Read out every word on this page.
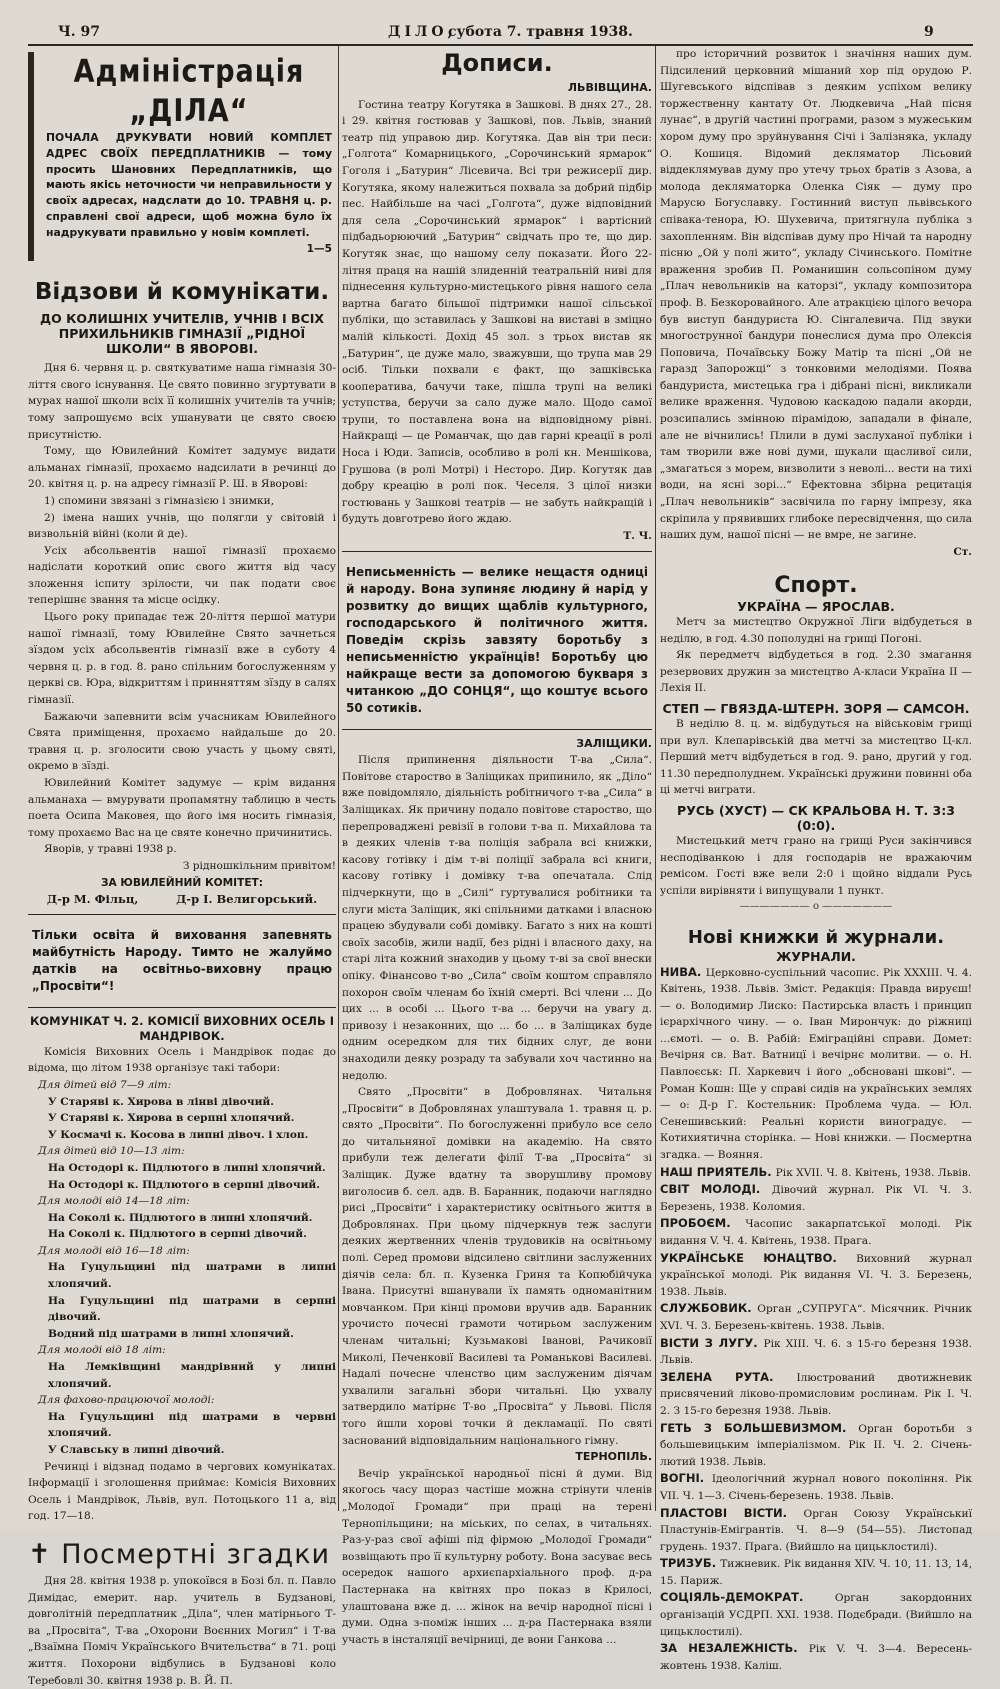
Ч. 97	ДІЛО,
субота 7. травня 1938.	9
Адміністрація „ДІЛА“

ПОЧАЛА ДРУКУВАТИ НОВИЙ КОМПЛЕТ АДРЕС СВОЇХ ПЕРЕДПЛАТНИКІВ — тому просить Шановних Передплатників, що мають якісь неточности чи неправильности у своїх адресах, надслати до 10. ТРАВНЯ ц. р. справлені свої адреси, щоб можна було їх надрукувати правильно у новім комплеті.

1—5

Відзови й комунікати.
ДО КОЛИШНІХ УЧИТЕЛІВ, УЧНІВ І ВСІХ ПРИХИЛЬНИКІВ ГІМНАЗІЇ „РІДНОЇ ШКОЛИ“ В ЯВОРОВІ.

Дня 6. червня ц. р. святкуватиме наша гімназія 30-ліття свого існування. Це свято повинно згуртувати в мурах нашої школи всіх її колишніх учителів та учнів; тому запрошуємо всіх ушанувати це свято своєю присутністю.

Тому, що Ювилейний Комітет задумує видати альманах гімназії, прохаємо надсилати в речинці до 20. квітня ц. р. на адресу гімназії Р. Ш. в Яворові:

1) спомини звязані з гімназією і знимки,

2) імена наших учнів, що полягли у світовій і визвольній війні (коли й де).

Усіх абсольвентів нашої гімназії прохаємо надіслати короткий опис свого життя від часу зложення іспиту зрілости, чи пак подати своє теперішнє звання та місце осідку.

Цього року припадає теж 20-ліття першої матури нашої гімназії, тому Ювилейне Свято зачнеться зїздом усіх абсольвентів гімназії вже в суботу 4 червня ц. р. в год. 8. рано спільним богослуженням у церкві св. Юра, відкриттям і принняттям зїзду в салях гімназії.

Бажаючи запевнити всім учасникам Ювилейного Свята приміщення, прохаємо найдальше до 20. травня ц. р. зголосити свою участь у цьому святі, окремо в зїзді.

Ювилейний Комітет задумує — крім видання альманаха — вмурувати пропамятну таблицю в честь поета Осипа Маковея, що його імя носить гімназія, тому прохаємо Вас на це святе конечно причинитись.

Яворів, у травні 1938 р.

З рідношкільним привітом!

ЗА ЮВИЛЕЙНИЙ КОМІТЕТ:

Д-р М. Фільц,	Д-р І. Велигорський.
Тільки освіта й виховання запевнять майбутність Народу. Тимто не жалуймо датків на освітньо-виховну працю „Просвіти“!
КОМУНІКАТ Ч. 2. КОМІСІЇ ВИХОВНИХ ОСЕЛЬ І МАНДРІВОК.

Комісія Виховних Осель і Мандрівок подає до відома, що літом 1938 організує такі табори:

Для дітей від 7—9 літ:

У Старяві к. Хирова в лінві дівочий.

У Старяві к. Хирова в серпні хлопячий.

У Космачі к. Косова в липні дівоч. і хлоп.

Для дітей від 10—13 літ:

На Остодорі к. Підлютого в липні хлопячий.

На Остодорі к. Підлютого в серпні дівочий.

Для молоді від 14—18 літ:

На Соколі к. Підлютого в липні хлопячий.

На Соколі к. Підлютого в серпні дівочий.

Для молоді від 16—18 літ:

На Гуцульщині під шатрами в липні хлопячий.

На Гуцульщині під шатрами в серпні дівочий.

Водний під шатрами в липні хлопячий.

Для молоді від 18 літ:

На Лемківщині мандрівний у липні хлопячий.

Для фахово-працюючої молоді:

На Гуцульщині під шатрами в червні хлопячий.

У Славську в липні дівочий.

Речинці і відзнад подамо в чергових комунікатах. Інформації і зголошення приймає: Комісія Виховних Осель і Мандрівок, Львів, вул. Потоцького 11 а, від год. 17—18.

✝ Посмертні згадки

Дня 28. квітня 1938 р. упокоївся в Бозі бл. п. Павло Димідас, емерит. нар. учитель в Будзанові, довголітній передплатник „Діла“, член матірнього Т-ва „Просвіта“, Т-ва „Охорони Воєнних Могил“ і Т-ва „Взаїмна Поміч Українського Вчительства“ в 71. році життя. Похорони відбулись в Будзанові коло Теребовлі 30. квітня 1938 р. В. Й. П.

Дописи.

ЛЬВІВЩИНА.

Гостина театру Когутяка в Зашкові. В днях 27., 28. і 29. квітня гостював у Зашкові, пов. Львів, знаний театр під управою дир. Когутяка. Дав він три песи: „Голгота“ Комарницького, „Сорочинський ярмарок“ Гоголя і „Батурин“ Лісевича. Всі три режисерії дир. Когутяка, якому належиться похвала за добрий підбір пес. Найбільше на часі „Голгота“, дуже відповідний для села „Сорочинський ярмарок“ і вартісний підбадьорюючий „Батурин“ свідчать про те, що дир. Когутяк знає, що нашому селу показати. Його 22-літня праця на нашій злиденній театральній ниві для піднесення культурно-мистецького рівня нашого села вартна багато більшої підтримки нашої сільської публіки, що зставилась у Зашкові на виставі в зміцно малій кількості. Дохід 45 зол. з трьох вистав як „Батурин“, це дуже мало, зважувши, що трупа мав 29 осіб. Тільки похвали є факт, що зашківська кооператива, бачучи таке, пішла трупі на великі уступства, беручи за сало дуже мало. Щодо самої трупи, то поставлена вона на відповідному рівні. Найкращі — це Романчак, що дав гарні креації в ролі Носа і Юди. Записів, особливо в ролі кн. Меншікова, Грушова (в ролі Мотрі) і Несторо. Дир. Когутяк дав добру креацію в ролі пок. Чеселя. З цілої низки гостювань у Зашкові театрів — не забуть найкращій і будуть довготрево його ждаю.

Т. Ч.

Неписьменність — велике нещастя одниці й народу. Вона зупиняє людину й нарід у розвитку до вищих щаблів культурного, господарського й політичного життя. Поведім скрізь завзяту боротьбу з неписьменністю українців! Боротьбу цю найкраще вести за допомогою букваря з читанкою „ДО СОНЦЯ“, що коштує всього 50 сотиків.

ЗАЛІЩИКИ.

Після припинення діяльности Т-ва „Сила“. Повітове староство в Заліщиках припинило, як „Діло“ вже повідомляло, діяльність робітничого т-ва „Сила“ в Заліщиках. Як причину подало повітове староство, що перепроваджені ревізії в голови т-ва п. Михайлова та в деяких членів т-ва поліція забрала всі книжки, касову готівку і дім т-ві поліції забрала всі книги, касову готівку і домівку т-ва опечатала. Слід підчеркнути, що в „Силі“ гуртувалися робітники та слуги міста Заліщик, які спільними датками і власною працею збудували собі домівку. Багато з них на кошті своїх засобів, жили надії, без рідні і власного даху, на старі літа кожний знаходив у цьому т-ві за свої внески опіку. Фінансово т-во „Сила“ своїм коштом справляло похорон своїм членам бо їхній смерті. Всі члени ... До цих ... в особі ... Цього т-ва ... беручи на увагу д. привозу і незаконних, що ... бо ... в Заліщиках буде одним осередком для тих бідних слуг, де вони знаходили деяку розраду та забували хоч частинно на недолю.

Свято „Просвіти“ в Добровлянах. Читальня „Просвіти“ в Добровлянах улаштувала 1. травня ц. р. свято „Просвіти“. По богослуженні прибуло все село до читальняної домівки на академію. На свято прибули теж делегати філії Т-ва „Просвіта“ зі Заліщик. Дуже вдатну та зворушливу промову виголосив б. сел. адв. В. Баранник, подаючи наглядно рисі „Просвіти“ і характеристику освітнього життя в Добровлянах. При цьому підчеркнув теж заслуги деяких жертвенних членів трудовиків на освітньому полі. Серед промови відсилено світлини заслуженних діячів села: бл. п. Кузенка Гриня та Копюбійчука Івана. Присутні вшанували їх память одноманітним мовчанком. При кінці промови вручив адв. Баранник урочисто почесні грамоти чотирьом заслуженим членам читальні; Кузьмакові Іванові, Рачиковії Миколі, Печенковії Василеві та Романькові Василеві. Надалі почесне членство цим заслуженим діячам ухвалили загальні збори читальні. Цю ухвалу затвердило матірнє Т-во „Просвіта“ у Львові. Після того йшли хорові точки й декламації. По святі заснований відповідальним національного гімну.

ТЕРНОПІЛЬ.

Вечір української народньої пісні й думи. Від якогось часу щораз частіше можна стрінути членів „Молодої Громади“ при праці на терені Тернопільщини; на міських, по селах, в читальнях. Раз-у-раз свої афіші під фірмою „Молодої Громади“ возвіщають про її культурну роботу. Вона засуває весь осередок нашого архиєпархіального проф. д-ра Пастернака на квітнях про показ в Крилосі, улаштована вже д. ... жінок на вечір народної пісні і думи. Одна з-поміж інших ... д-ра Пастернака взяли участь в інсталяції вечірниці, де вони Ганкова ...

про історичний розвиток і значіння наших дум. Підсилений церковний мішаний хор під орудою Р. Шугевського відспівав з деяким успіхом велику торжественну кантату От. Людкевича „Най пісня лунає“, в другій частині програми, разом з мужеським хором думу про зруйнування Січі і Залізняка, укладу О. Кошиця. Відомий декляматор Лісьовий віддеклямував думу про утечу трьох братів з Азова, а молода декляматорка Оленка Сіяк — думу про Марусю Богуславку. Гостинний виступ львівського співака-тенора, Ю. Шухевича, притягнула публіка з захопленням. Він відспівав думу про Нічай та народну пісню „Ой у полі жито“, укладу Січинського. Помітне враження зробив П. Романишин сольсопіном думу „Плач невольників на каторзі“, укладу композитора проф. В. Безкоровайного. Але атракцією цілого вечора був виступ бандуриста Ю. Сінгалевича. Під звуки многострунної бандури понеслися дума про Олексія Поповича, Почаївську Божу Матір та пісні „Ой не гаразд Запорожці“ з тонковими мелодіями. Поява бандуриста, мистецька гра і дібрані пісні, викликали велике враження. Чудовою каскадою падали акорди, розсипались змінною пірамідою, западали в фінале, але не вічнились! Плили в думі заслуханої публіки і там творили вже нові думи, шукали щасливої сили, „змагаться з морем, визволити з неволі... вести на тихі води, на ясні зорі...“ Ефектовна збірна рецитація „Плач невольників“ засвічила по гарну імпрезу, яка скріпила у прявивших глибоке пересвідчення, що сила наших дум, нашої пісні — не вмре, не загине.

Ст.

Спорт.

УКРАЇНА — ЯРОСЛАВ.

Метч за мистецтво Окружної Ліги відбудеться в неділю, в год. 4.30 пополудні на грищі Погоні.

Як передметч відбудеться в год. 2.30 змагання резервових дружин за мистецтво А-класи Україна II — Лехія II.

СТЕП — ГВЯЗДА-ШТЕРН. ЗОРЯ — САМСОН.

В неділю 8. ц. м. відбудуться на військовім грищі при вул. Клепарівській два метчі за мистецтво Ц-кл. Перший метч відбудеться в год. 9. рано, другий у год. 11.30 передполуднем. Українські дружини повинні оба ці метчі виграти.

РУСЬ (ХУСТ) — СК КРАЛЬОВА Н. Т. 3:3 (0:0).

Мистецький метч грано на грищі Руси закінчився несподіванкою і для господарів не вражаючим ремісом. Гості вже вели 2:0 і щойно віддали Русь успіли вирівняти і випущували 1 пункт.

——————— o ———————
Нові книжки й журнали.
ЖУРНАЛИ.

НИВА. Церковно-суспільний часопис. Рік XXXIII. Ч. 4. Квітень, 1938. Львів. Зміст. Редакція: Правда вируєш! — о. Володимир Лиско: Пастирська власть і принцип ієрархічного чину. — о. Іван Мирончук: до ріжниці ...ємоті. — о. В. Рабій: Еміграційні справи. Домет: Вечірня св. Ват. Ватницї і вечірнє молитви. — о. Н. Павлоєськ: П. Харкевич і його „обсновані шкові“. — Роман Кошн: Ще у справі сидів на українських землях — о: Д-р Г. Костельник: Проблема чуда. — Юл. Сенешивський: Реальні користи виноградує. — Котихиятична сторінка. — Нові книжки. — Посмертна згадка. — Вояння.

НАШ ПРИЯТЕЛЬ. Рік XVII. Ч. 8. Квітень, 1938. Львів.

СВІТ МОЛОДІ. Дівочий журнал. Рік VI. Ч. 3. Березень, 1938. Коломия.

ПРОБОЄМ. Часопис закарпатської молоді. Рік видання V. Ч. 4. Квітень, 1938. Прага.

УКРАЇНСЬКЕ ЮНАЦТВО. Виховний журнал української молоді. Рік видання VI. Ч. 3. Березень, 1938. Львів.

СЛУЖБОВИК. Орган „СУПРУГА“. Місячник. Річник XVI. Ч. 3. Березень-квітень. 1938. Львів.

ВІСТИ З ЛУГУ. Рік XIII. Ч. 6. з 15-го березня 1938. Львів.

ЗЕЛЕНА РУТА. Ілюстрований двотижневик присвячений ліково-промисловим рослинам. Рік І. Ч. 2. З 15-го березня 1938. Львів.

ГЕТЬ З БОЛЬШЕВИЗМОМ. Орган боротьби з большевицьким імперіалізмом. Рік II. Ч. 2. Січень-лютий 1938. Львів.

ВОГНІ. Ідеологічний журнал нового покоління. Рік VII. Ч. 1—3. Січень-березень. 1938. Львів.

ПЛАСТОВІ ВІСТИ. Орган Союзу Українськиї Пластунів-Емігрантів. Ч. 8—9 (54—55). Листопад грудень. 1937. Прага. (Вийшло на цицьклостилі).

ТРИЗУБ. Тижневик. Рік видання XIV. Ч. 10, 11. 13, 14, 15. Париж.

СОЦІЯЛЬ-ДЕМОКРАТ. Орган закордонних організацій УСДРП. XXI. 1938. Подєбради. (Вийшло на цицьклостилі).

ЗА НЕЗАЛЕЖНІСТЬ. Рік V. Ч. 3—4. Вересень-жовтень 1938. Каліш.
